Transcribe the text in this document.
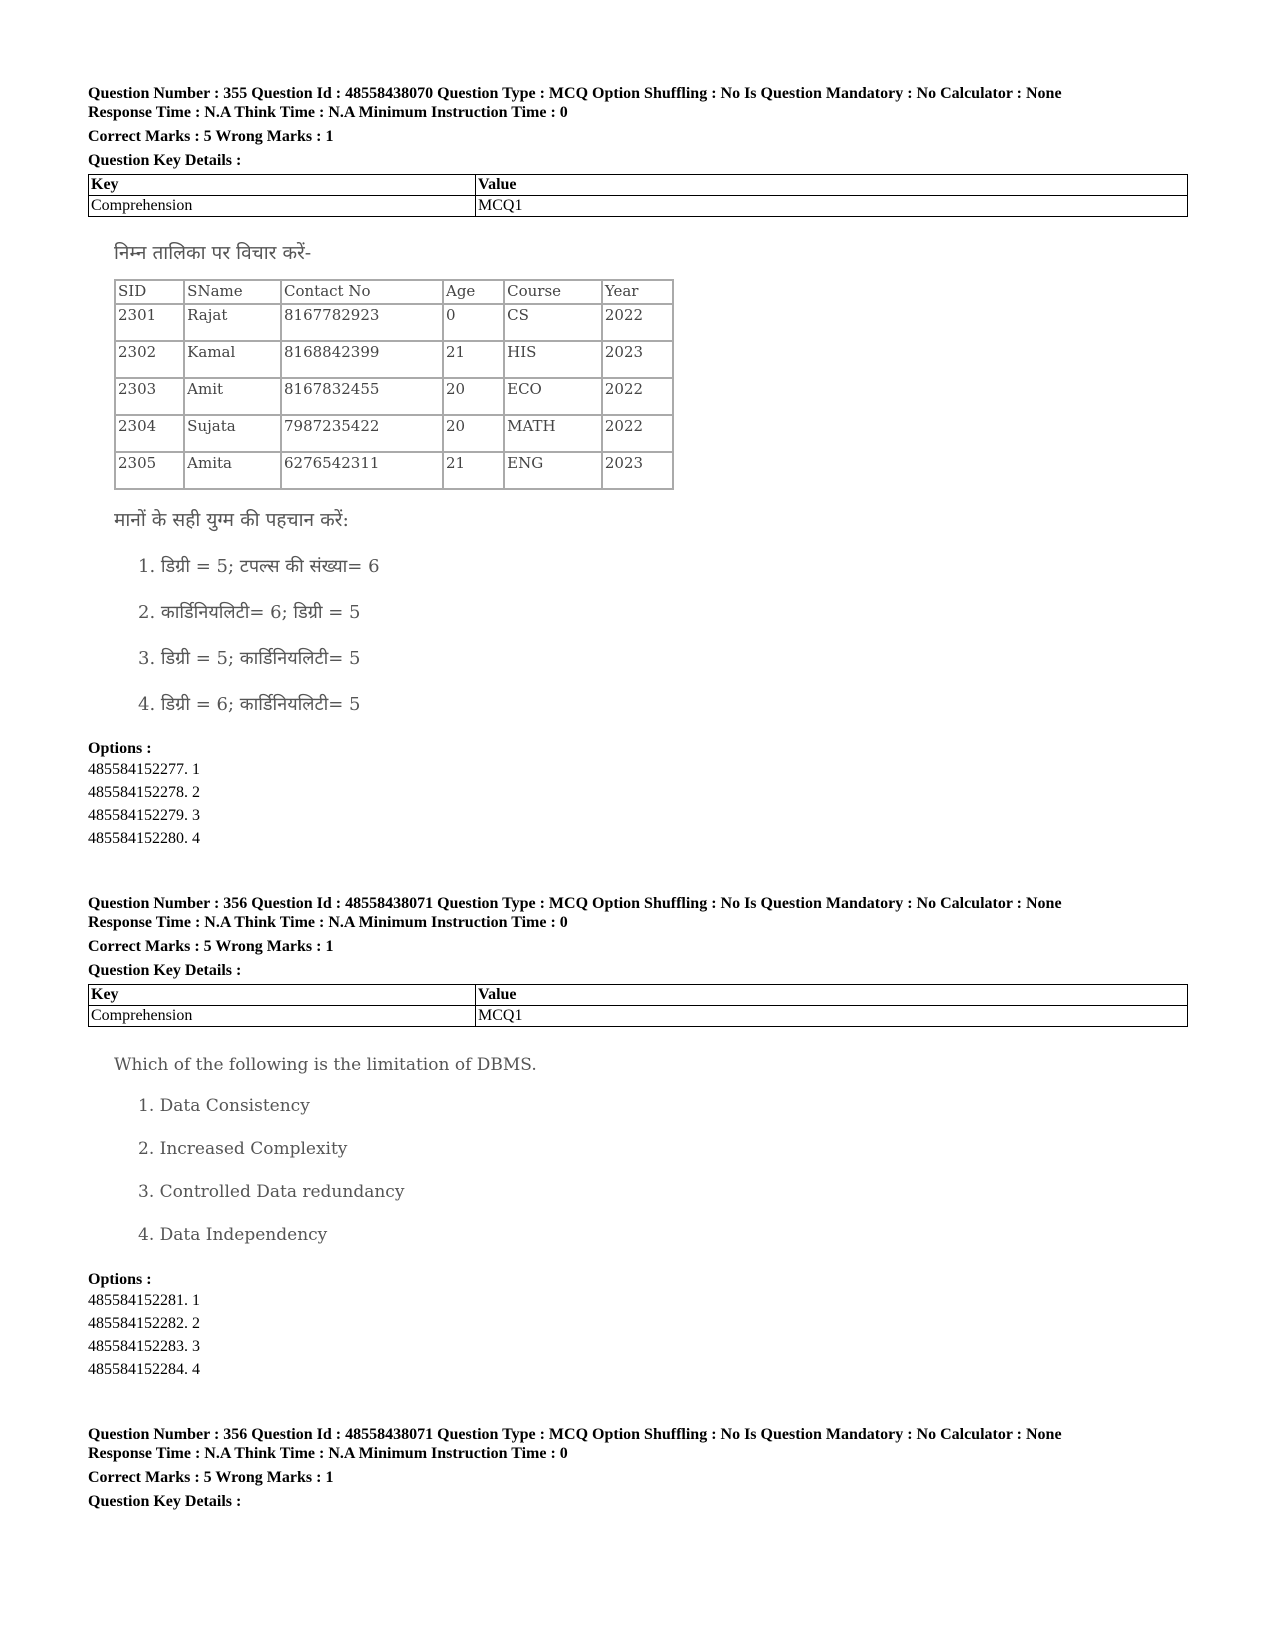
Question Number : 355 Question Id : 48558438070 Question Type : MCQ Option Shuffling : No Is Question Mandatory : No Calculator : None
Response Time : N.A Think Time : N.A Minimum Instruction Time : 0
Correct Marks : 5 Wrong Marks : 1
Question Key Details :
Key	Value
Comprehension	MCQ1
निम्न तालिका पर विचार करें-
SID	SName	Contact No	Age	Course	Year
2301	Rajat	8167782923	0	CS	2022
2302	Kamal	8168842399	21	HIS	2023
2303	Amit	8167832455	20	ECO	2022
2304	Sujata	7987235422	20	MATH	2022
2305	Amita	6276542311	21	ENG	2023
मानों के सही युग्म की पहचान करें:
1. डिग्री = 5; टपल्स की संख्या= 6
2. कार्डिनियलिटी= 6; डिग्री = 5
3. डिग्री = 5; कार्डिनियलिटी= 5
4. डिग्री = 6; कार्डिनियलिटी= 5
Options :
485584152277. 1
485584152278. 2
485584152279. 3
485584152280. 4
Question Number : 356 Question Id : 48558438071 Question Type : MCQ Option Shuffling : No Is Question Mandatory : No Calculator : None
Response Time : N.A Think Time : N.A Minimum Instruction Time : 0
Correct Marks : 5 Wrong Marks : 1
Question Key Details :
Key	Value
Comprehension	MCQ1
Which of the following is the limitation of DBMS.
1. Data Consistency
2. Increased Complexity
3. Controlled Data redundancy
4. Data Independency
Options :
485584152281. 1
485584152282. 2
485584152283. 3
485584152284. 4
Question Number : 356 Question Id : 48558438071 Question Type : MCQ Option Shuffling : No Is Question Mandatory : No Calculator : None
Response Time : N.A Think Time : N.A Minimum Instruction Time : 0
Correct Marks : 5 Wrong Marks : 1
Question Key Details :
